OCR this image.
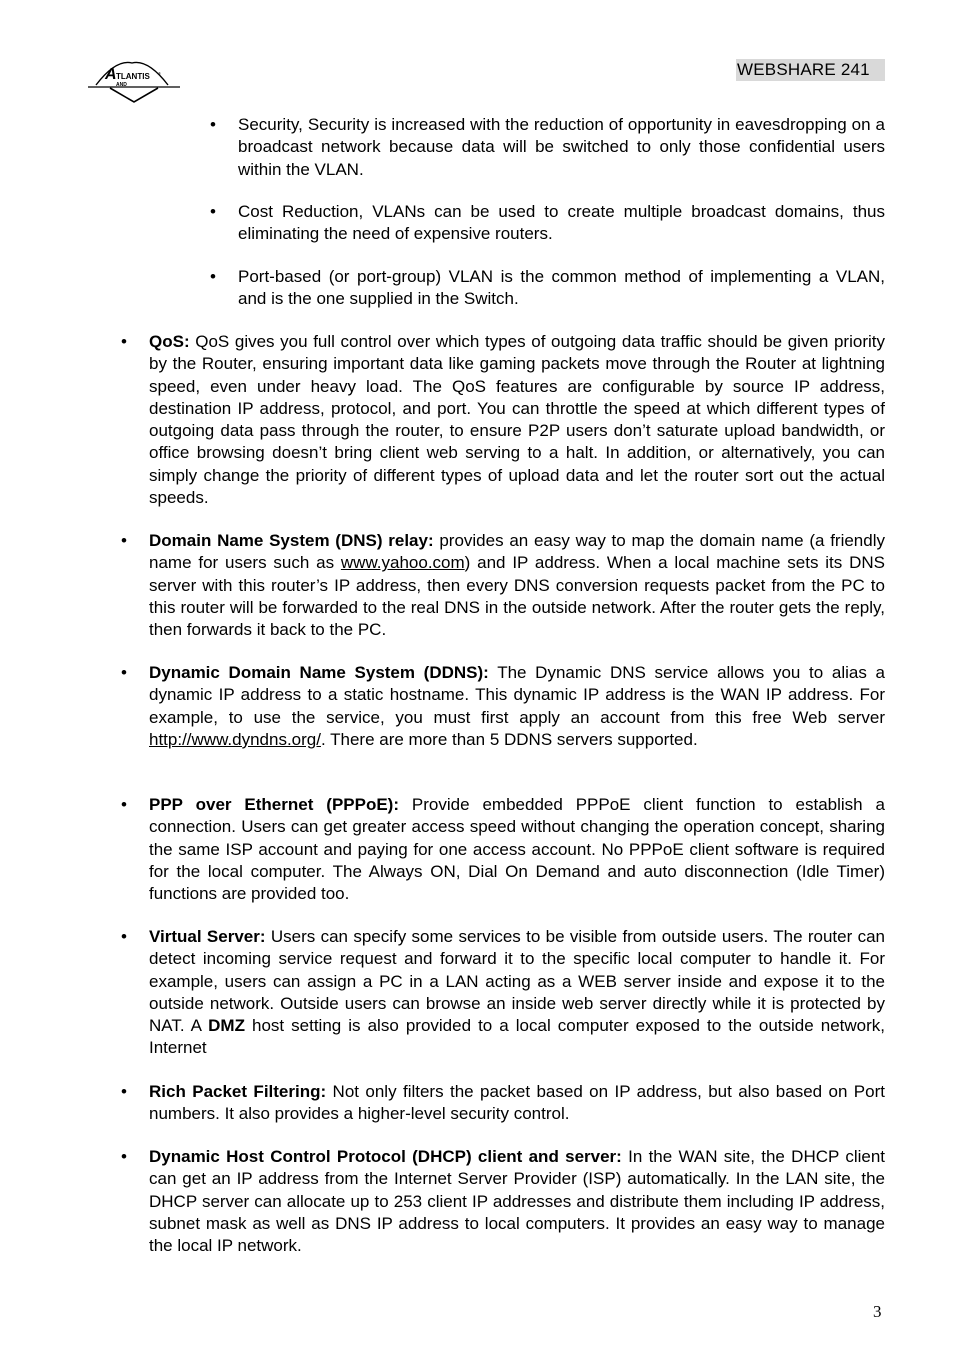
A TLANTIS ®
AND
WEBSHARE 241
• Security, Security is increased with the reduction of opportunity in eavesdropping on a broadcast network because data will be switched to only those confidential users within the VLAN.
• Cost Reduction, VLANs can be used to create multiple broadcast domains, thus eliminating the need of expensive routers.
• Port-based (or port-group) VLAN is the common method of implementing a VLAN, and is the one supplied in the Switch.
• QoS: QoS gives you full control over which types of outgoing data traffic should be given priority by the Router, ensuring important data like gaming packets move through the Router at lightning speed, even under heavy load. The QoS features are configurable by source IP address, destination IP address, protocol, and port. You can throttle the speed at which different types of outgoing data pass through the router, to ensure P2P users don’t saturate upload bandwidth, or office browsing doesn’t bring client web serving to a halt. In addition, or alternatively, you can simply change the priority of different types of upload data and let the router sort out the actual speeds.
• Domain Name System (DNS) relay: provides an easy way to map the domain name (a friendly name for users such as www.yahoo.com) and IP address. When a local machine sets its DNS server with this router’s IP address, then every DNS conversion requests packet from the PC to this router will be forwarded to the real DNS in the outside network. After the router gets the reply, then forwards it back to the PC.
• Dynamic Domain Name System (DDNS): The Dynamic DNS service allows you to alias a dynamic IP address to a static hostname. This dynamic IP address is the WAN IP address. For example, to use the service, you must first apply an account from this free Web server http://www.dyndns.org/. There are more than 5 DDNS servers supported.
• PPP over Ethernet (PPPoE): Provide embedded PPPoE client function to establish a connection. Users can get greater access speed without changing the operation concept, sharing the same ISP account and paying for one access account. No PPPoE client software is required for the local computer. The Always ON, Dial On Demand and auto disconnection (Idle Timer) functions are provided too.
• Virtual Server: Users can specify some services to be visible from outside users. The router can detect incoming service request and forward it to the specific local computer to handle it. For example, users can assign a PC in a LAN acting as a WEB server inside and expose it to the outside network. Outside users can browse an inside web server directly while it is protected by NAT. A DMZ host setting is also provided to a local computer exposed to the outside network, Internet
• Rich Packet Filtering: Not only filters the packet based on IP address, but also based on Port numbers. It also provides a higher-level security control.
• Dynamic Host Control Protocol (DHCP) client and server: In the WAN site, the DHCP client can get an IP address from the Internet Server Provider (ISP) automatically. In the LAN site, the DHCP server can allocate up to 253 client IP addresses and distribute them including IP address, subnet mask as well as DNS IP address to local computers. It provides an easy way to manage the local IP network.
3
